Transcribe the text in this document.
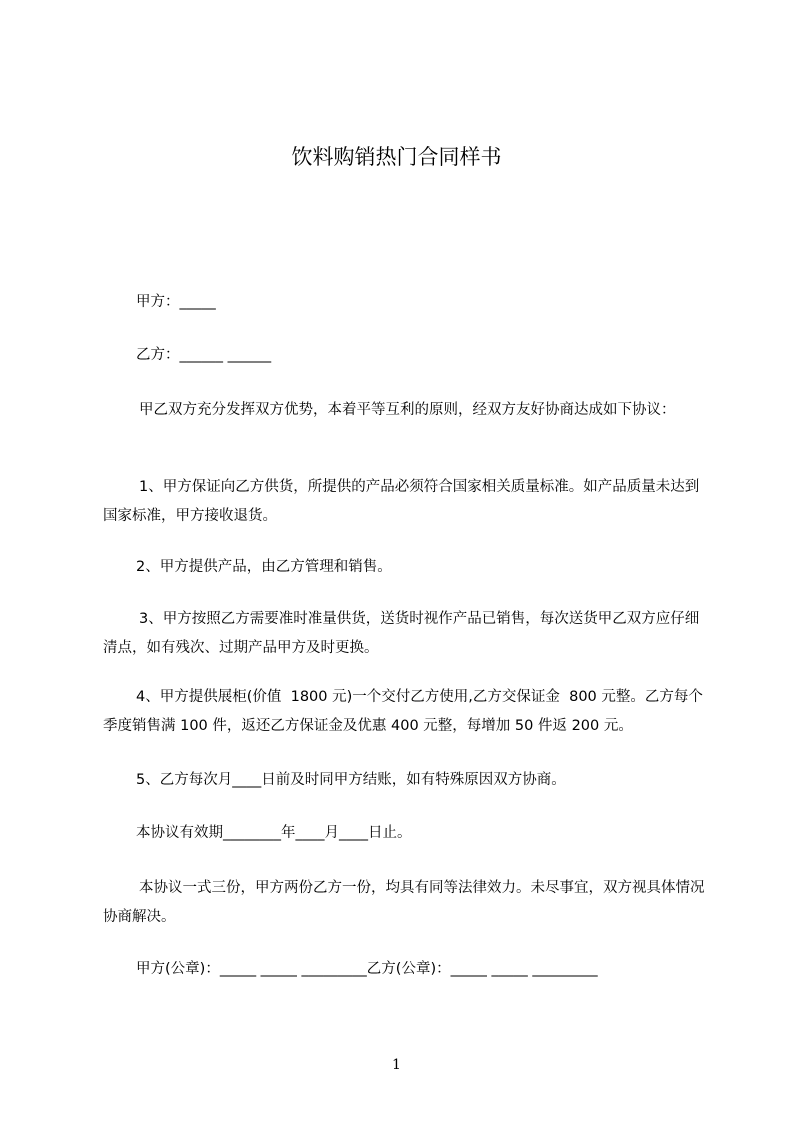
饮料购销热门合同样书

甲方：_____

乙方：______ ______

甲乙双方充分发挥双方优势，本着平等互利的原则，经双方友好协商达成如下协议：

1、甲方保证向乙方供货，所提供的产品必须符合国家相关质量标准。如产品质量未达到国家标准，甲方接收退货。

2、甲方提供产品，由乙方管理和销售。

3、甲方按照乙方需要准时准量供货，送货时视作产品已销售，每次送货甲乙双方应仔细清点，如有残次、过期产品甲方及时更换。

4、甲方提供展柜(价值  1800 元)一个交付乙方使用,乙方交保证金  800 元整。乙方每个季度销售满 100 件，返还乙方保证金及优惠 400 元整，每增加 50 件返 200 元。

5、乙方每次月____日前及时同甲方结账，如有特殊原因双方协商。

本协议有效期________年____月____日止。

本协议一式三份，甲方两份乙方一份，均具有同等法律效力。未尽事宜，双方视具体情况协商解决。

甲方(公章)：_____ _____ _________乙方(公章)：_____ _____ _________

1
